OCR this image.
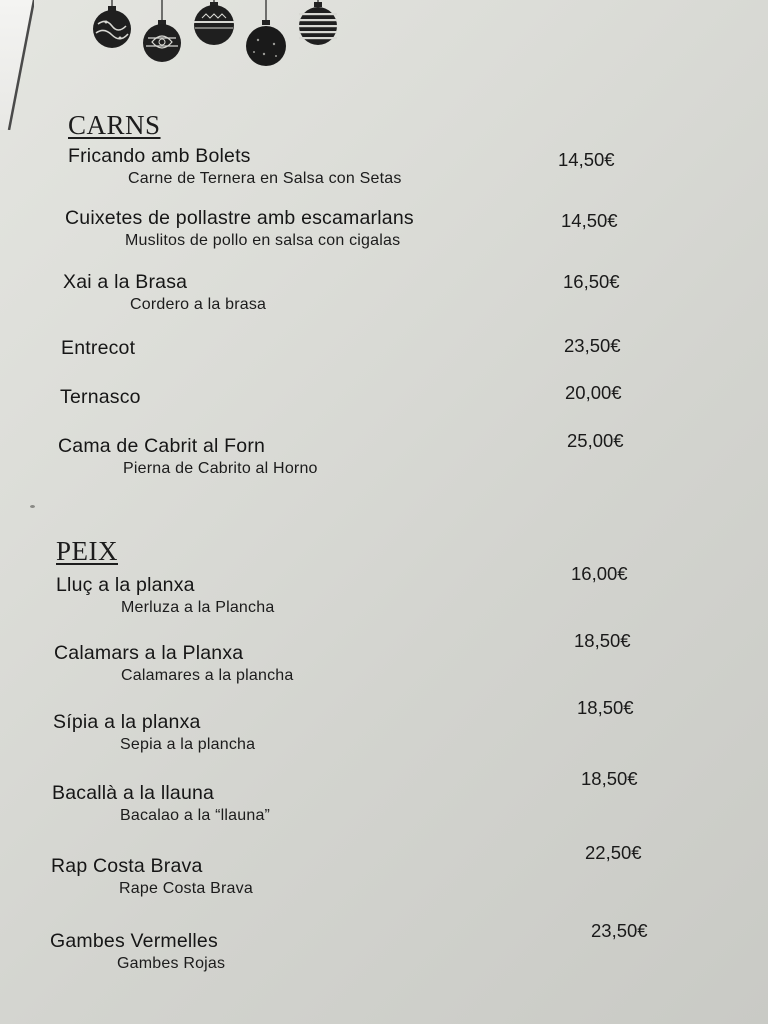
CARNS
Fricando amb Bolets
Carne de Ternera en Salsa con Setas
14,50€
Cuixetes de pollastre amb escamarlans
Muslitos de pollo en salsa con cigalas
14,50€
Xai a la Brasa
Cordero a la brasa
16,50€
Entrecot	23,50€
Ternasco	20,00€
Cama de Cabrit al Forn
Pierna de Cabrito al Horno
25,00€
PEIX
Lluç a la planxa
Merluza a la Plancha
16,00€
Calamars a la Planxa
Calamares a la plancha
18,50€
Sípia a la planxa
Sepia a la plancha
18,50€
Bacallà a la llauna
Bacalao a la “llauna”
18,50€
Rap Costa Brava
Rape Costa Brava
22,50€
Gambes Vermelles
Gambes Rojas
23,50€
